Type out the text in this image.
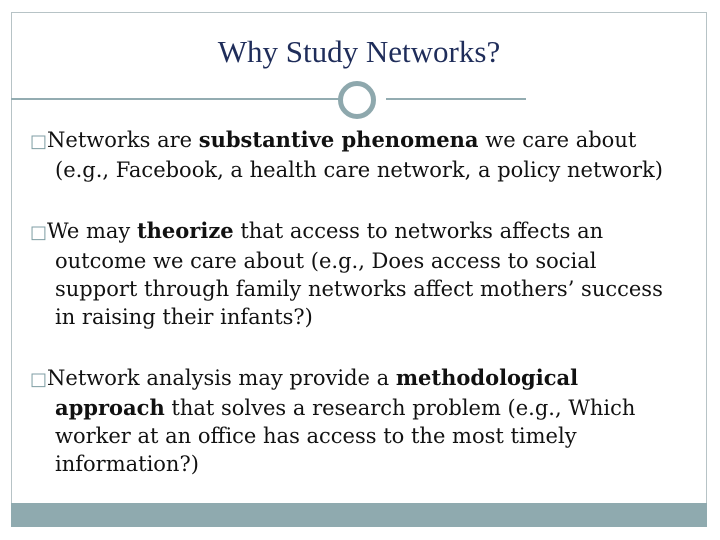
Why Study Networks?
□Networks are substantive phenomena we care about
(e.g., Facebook, a health care network, a policy network)
□We may theorize that access to networks affects an
outcome we care about (e.g., Does access to social support through family networks affect mothers’ success in raising their infants?)
□Network analysis may provide a methodological
approach that solves a research problem (e.g., Which worker at an office has access to the most timely information?)
